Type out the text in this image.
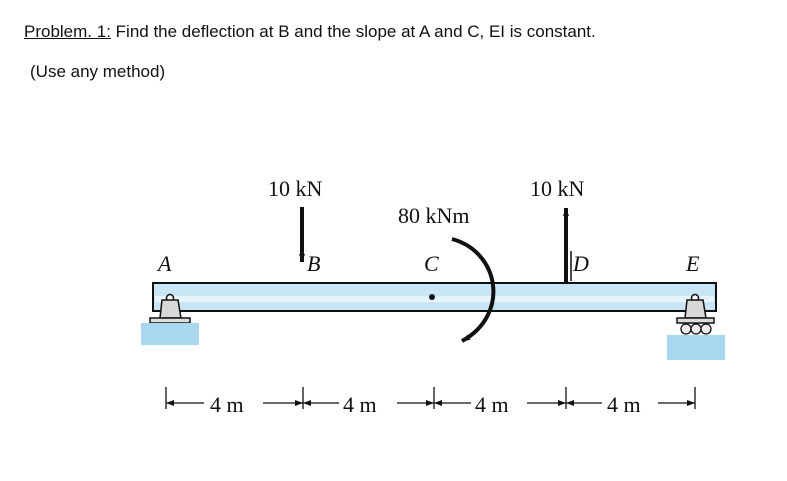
Problem. 1: Find the deflection at B and the slope at A and C, EI is constant.
(Use any method)
A	B	C	D	E
10 kN	10 kN
80 kNm
4 m	4 m	4 m	4 m
